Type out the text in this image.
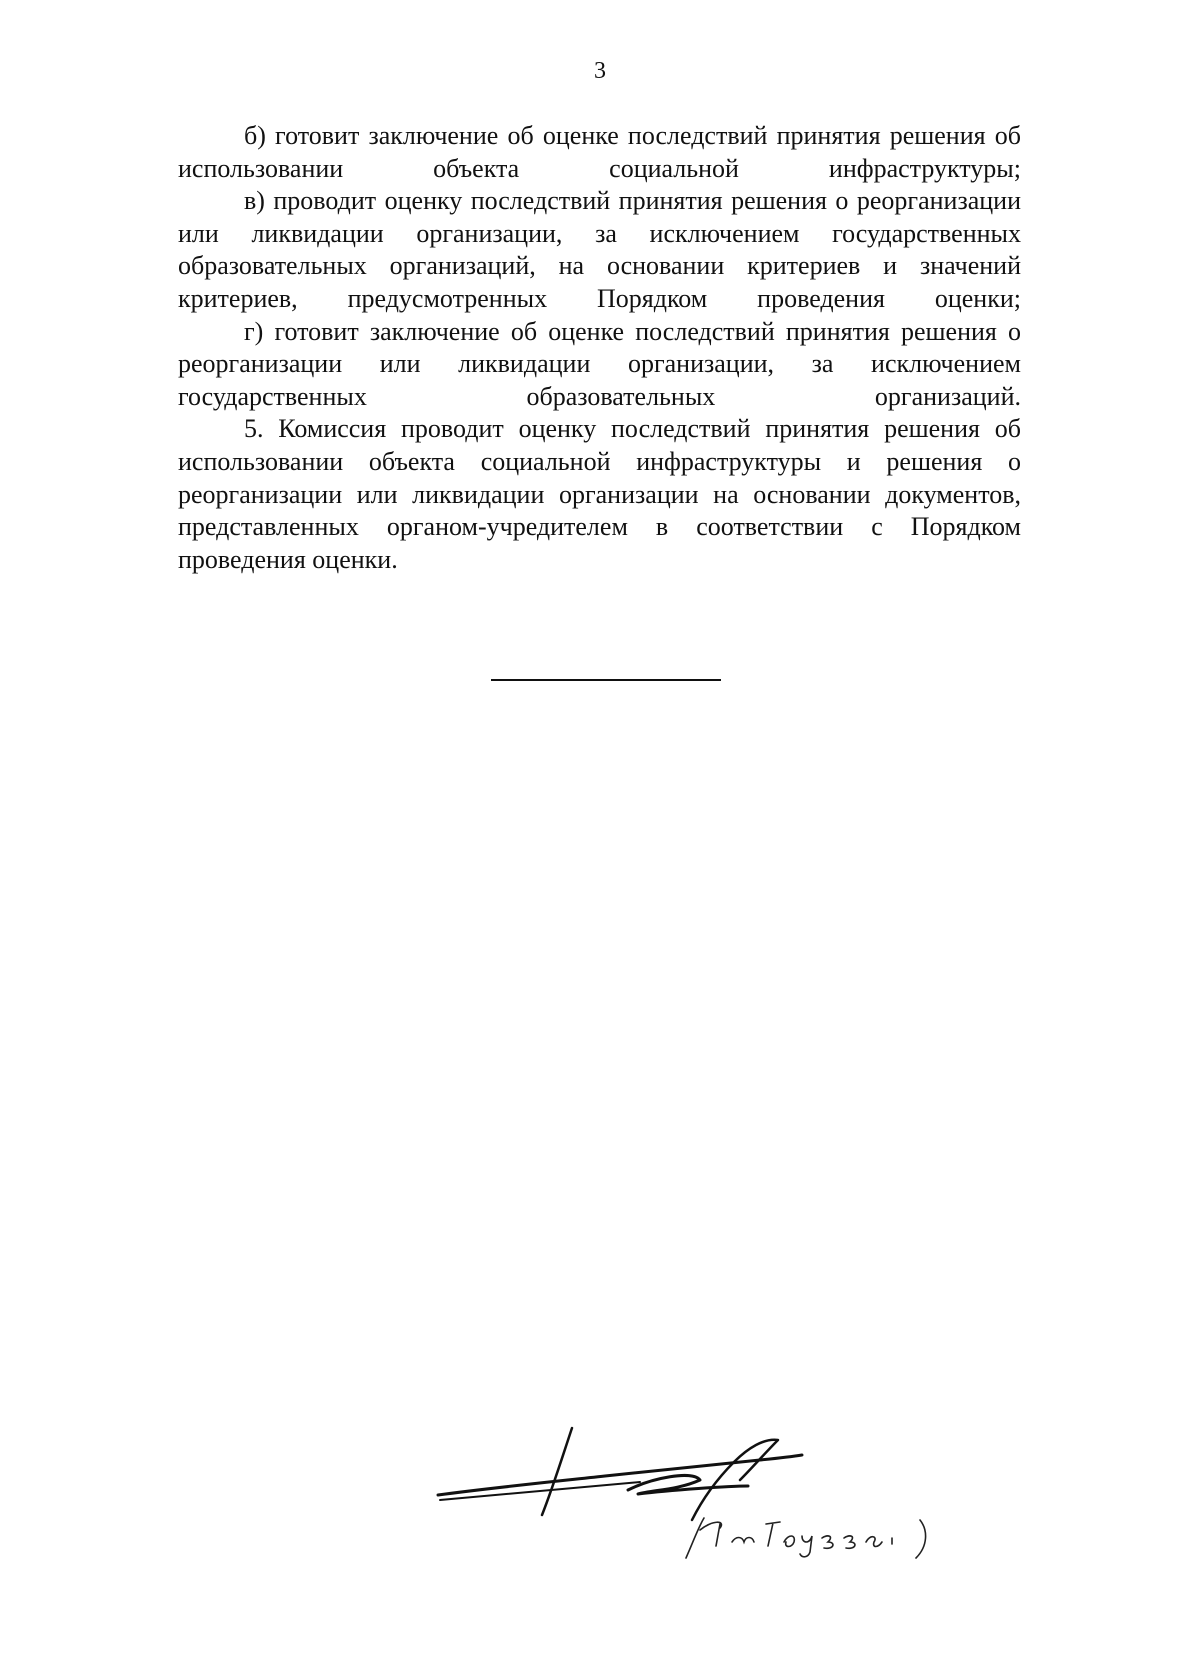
3

б) готовит заключение об оценке последствий принятия решения об использовании объекта социальной инфраструктуры;

в) проводит оценку последствий принятия решения о реорганизации или ликвидации организации, за исключением государственных образовательных организаций, на основании критериев и значений критериев, предусмотренных Порядком проведения оценки;

г) готовит заключение об оценке последствий принятия решения о реорганизации или ликвидации организации, за исключением государственных образовательных организаций.

5. Комиссия проводит оценку последствий принятия решения об использовании объекта социальной инфраструктуры и решения о реорганизации или ликвидации организации на основании документов, представленных органом-учредителем в соответствии с Порядком проведения оценки.
